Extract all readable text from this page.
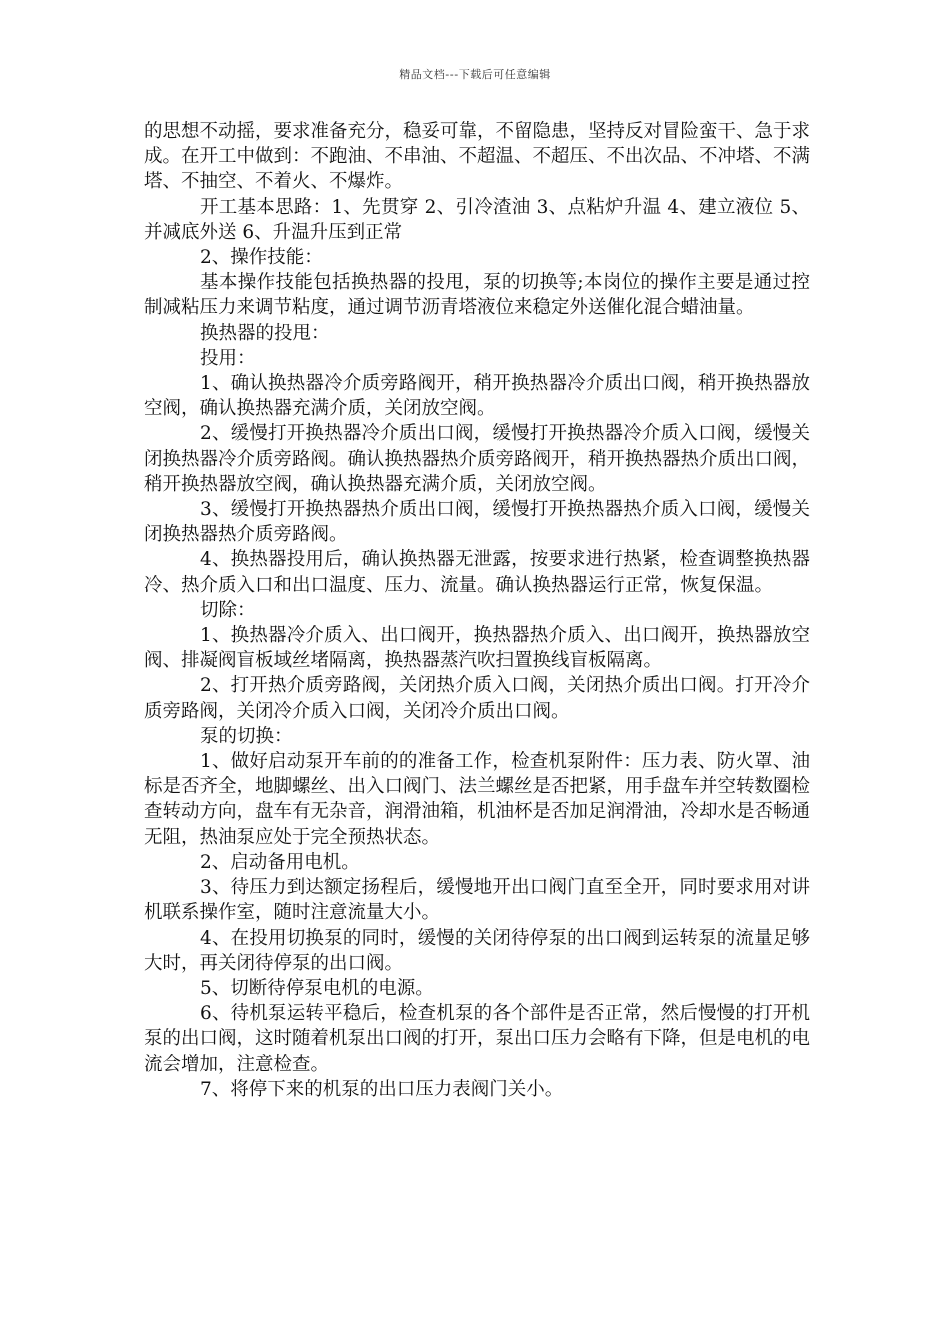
精品文档---下载后可任意编辑

的思想不动摇，要求准备充分，稳妥可靠，不留隐患，坚持反对冒险蛮干、急于求成。在开工中做到：不跑油、不串油、不超温、不超压、不出次品、不冲塔、不满塔、不抽空、不着火、不爆炸。

开工基本思路：1、先贯穿 2、引冷渣油 3、点粘炉升温 4、建立液位 5、并减底外送 6、升温升压到正常

2、操作技能：

基本操作技能包括换热器的投甩，泵的切换等;本岗位的操作主要是通过控制减粘压力来调节粘度，通过调节沥青塔液位来稳定外送催化混合蜡油量。

换热器的投甩：

投用：

1、确认换热器冷介质旁路阀开，稍开换热器冷介质出口阀，稍开换热器放空阀，确认换热器充满介质，关闭放空阀。

2、缓慢打开换热器冷介质出口阀，缓慢打开换热器冷介质入口阀，缓慢关闭换热器冷介质旁路阀。确认换热器热介质旁路阀开，稍开换热器热介质出口阀，稍开换热器放空阀，确认换热器充满介质，关闭放空阀。

3、缓慢打开换热器热介质出口阀，缓慢打开换热器热介质入口阀，缓慢关闭换热器热介质旁路阀。

4、换热器投用后，确认换热器无泄露，按要求进行热紧，检查调整换热器冷、热介质入口和出口温度、压力、流量。确认换热器运行正常，恢复保温。

切除：

1、换热器冷介质入、出口阀开，换热器热介质入、出口阀开，换热器放空阀、排凝阀盲板域丝堵隔离，换热器蒸汽吹扫置换线盲板隔离。

2、打开热介质旁路阀，关闭热介质入口阀，关闭热介质出口阀。打开冷介质旁路阀，关闭冷介质入口阀，关闭冷介质出口阀。

泵的切换：

1、做好启动泵开车前的的准备工作，检查机泵附件：压力表、防火罩、油标是否齐全，地脚螺丝、出入口阀门、法兰螺丝是否把紧，用手盘车并空转数圈检查转动方向，盘车有无杂音，润滑油箱，机油杯是否加足润滑油，冷却水是否畅通无阻，热油泵应处于完全预热状态。

2、启动备用电机。

3、待压力到达额定扬程后，缓慢地开出口阀门直至全开，同时要求用对讲机联系操作室，随时注意流量大小。

4、在投用切换泵的同时，缓慢的关闭待停泵的出口阀到运转泵的流量足够大时，再关闭待停泵的出口阀。

5、切断待停泵电机的电源。

6、待机泵运转平稳后，检查机泵的各个部件是否正常，然后慢慢的打开机泵的出口阀，这时随着机泵出口阀的打开，泵出口压力会略有下降，但是电机的电流会增加，注意检查。

7、将停下来的机泵的出口压力表阀门关小。
